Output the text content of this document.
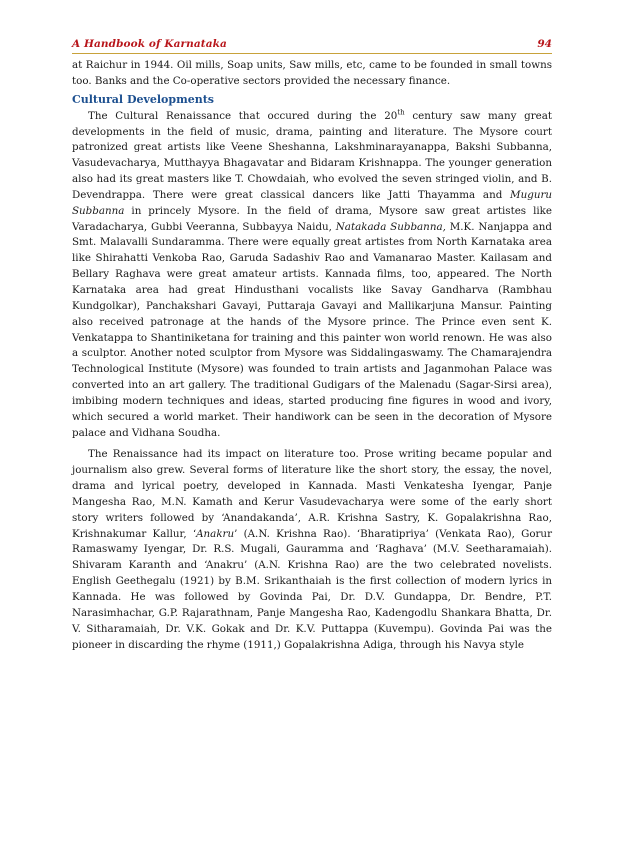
A Handbook of Karnataka	94

at Raichur in 1944. Oil mills, Soap units, Saw mills, etc, came to be founded in small towns too. Banks and the Co-operative sectors provided the necessary finance.

Cultural Developments

The Cultural Renaissance that occured during the 20th century saw many great developments in the field of music, drama, painting and literature. The Mysore court patronized great artists like Veene Sheshanna, Lakshminarayanappa, Bakshi Subbanna, Vasudevacharya, Mutthayya Bhagavatar and Bidaram Krishnappa. The younger generation also had its great masters like T. Chowdaiah, who evolved the seven stringed violin, and B. Devendrappa. There were great classical dancers like Jatti Thayamma and Muguru Subbanna in princely Mysore. In the field of drama, Mysore saw great artistes like Varadacharya, Gubbi Veeranna, Subbayya Naidu, Natakada Subbanna, M.K. Nanjappa and Smt. Malavalli Sundaramma. There were equally great artistes from North Karnataka area like Shirahatti Venkoba Rao, Garuda Sadashiv Rao and Vamanarao Master. Kailasam and Bellary Raghava were great amateur artists. Kannada films, too, appeared. The North Karnataka area had great Hindusthani vocalists like Savay Gandharva (Rambhau Kundgolkar), Panchakshari Gavayi, Puttaraja Gavayi and Mallikarjuna Mansur. Painting also received patronage at the hands of the Mysore prince. The Prince even sent K. Venkatappa to Shantiniketana for training and this painter won world renown. He was also a sculptor. Another noted sculptor from Mysore was Siddalingaswamy. The Chamarajendra Technological Institute (Mysore) was founded to train artists and Jaganmohan Palace was converted into an art gallery. The traditional Gudigars of the Malenadu (Sagar-Sirsi area), imbibing modern techniques and ideas, started producing fine figures in wood and ivory, which secured a world market. Their handiwork can be seen in the decoration of Mysore palace and Vidhana Soudha.

The Renaissance had its impact on literature too. Prose writing became popular and journalism also grew. Several forms of literature like the short story, the essay, the novel, drama and lyrical poetry, developed in Kannada. Masti Venkatesha Iyengar, Panje Mangesha Rao, M.N. Kamath and Kerur Vasudevacharya were some of the early short story writers followed by ‘Anandakanda’, A.R. Krishna Sastry, K. Gopalakrishna Rao, Krishnakumar Kallur, ‘Anakru’ (A.N. Krishna Rao). ‘Bharatipriya’ (Venkata Rao), Gorur Ramaswamy Iyengar, Dr. R.S. Mugali, Gauramma and ‘Raghava’ (M.V. Seetharamaiah). Shivaram Karanth and ‘Anakru’ (A.N. Krishna Rao) are the two celebrated novelists. English Geethegalu (1921) by B.M. Srikanthaiah is the first collection of modern lyrics in Kannada. He was followed by Govinda Pai, Dr. D.V. Gundappa, Dr. Bendre, P.T. Narasimhachar, G.P. Rajarathnam, Panje Mangesha Rao, Kadengodlu Shankara Bhatta, Dr. V. Sitharamaiah, Dr. V.K. Gokak and Dr. K.V. Puttappa (Kuvempu). Govinda Pai was the pioneer in discarding the rhyme (1911,) Gopalakrishna Adiga, through his Navya style
